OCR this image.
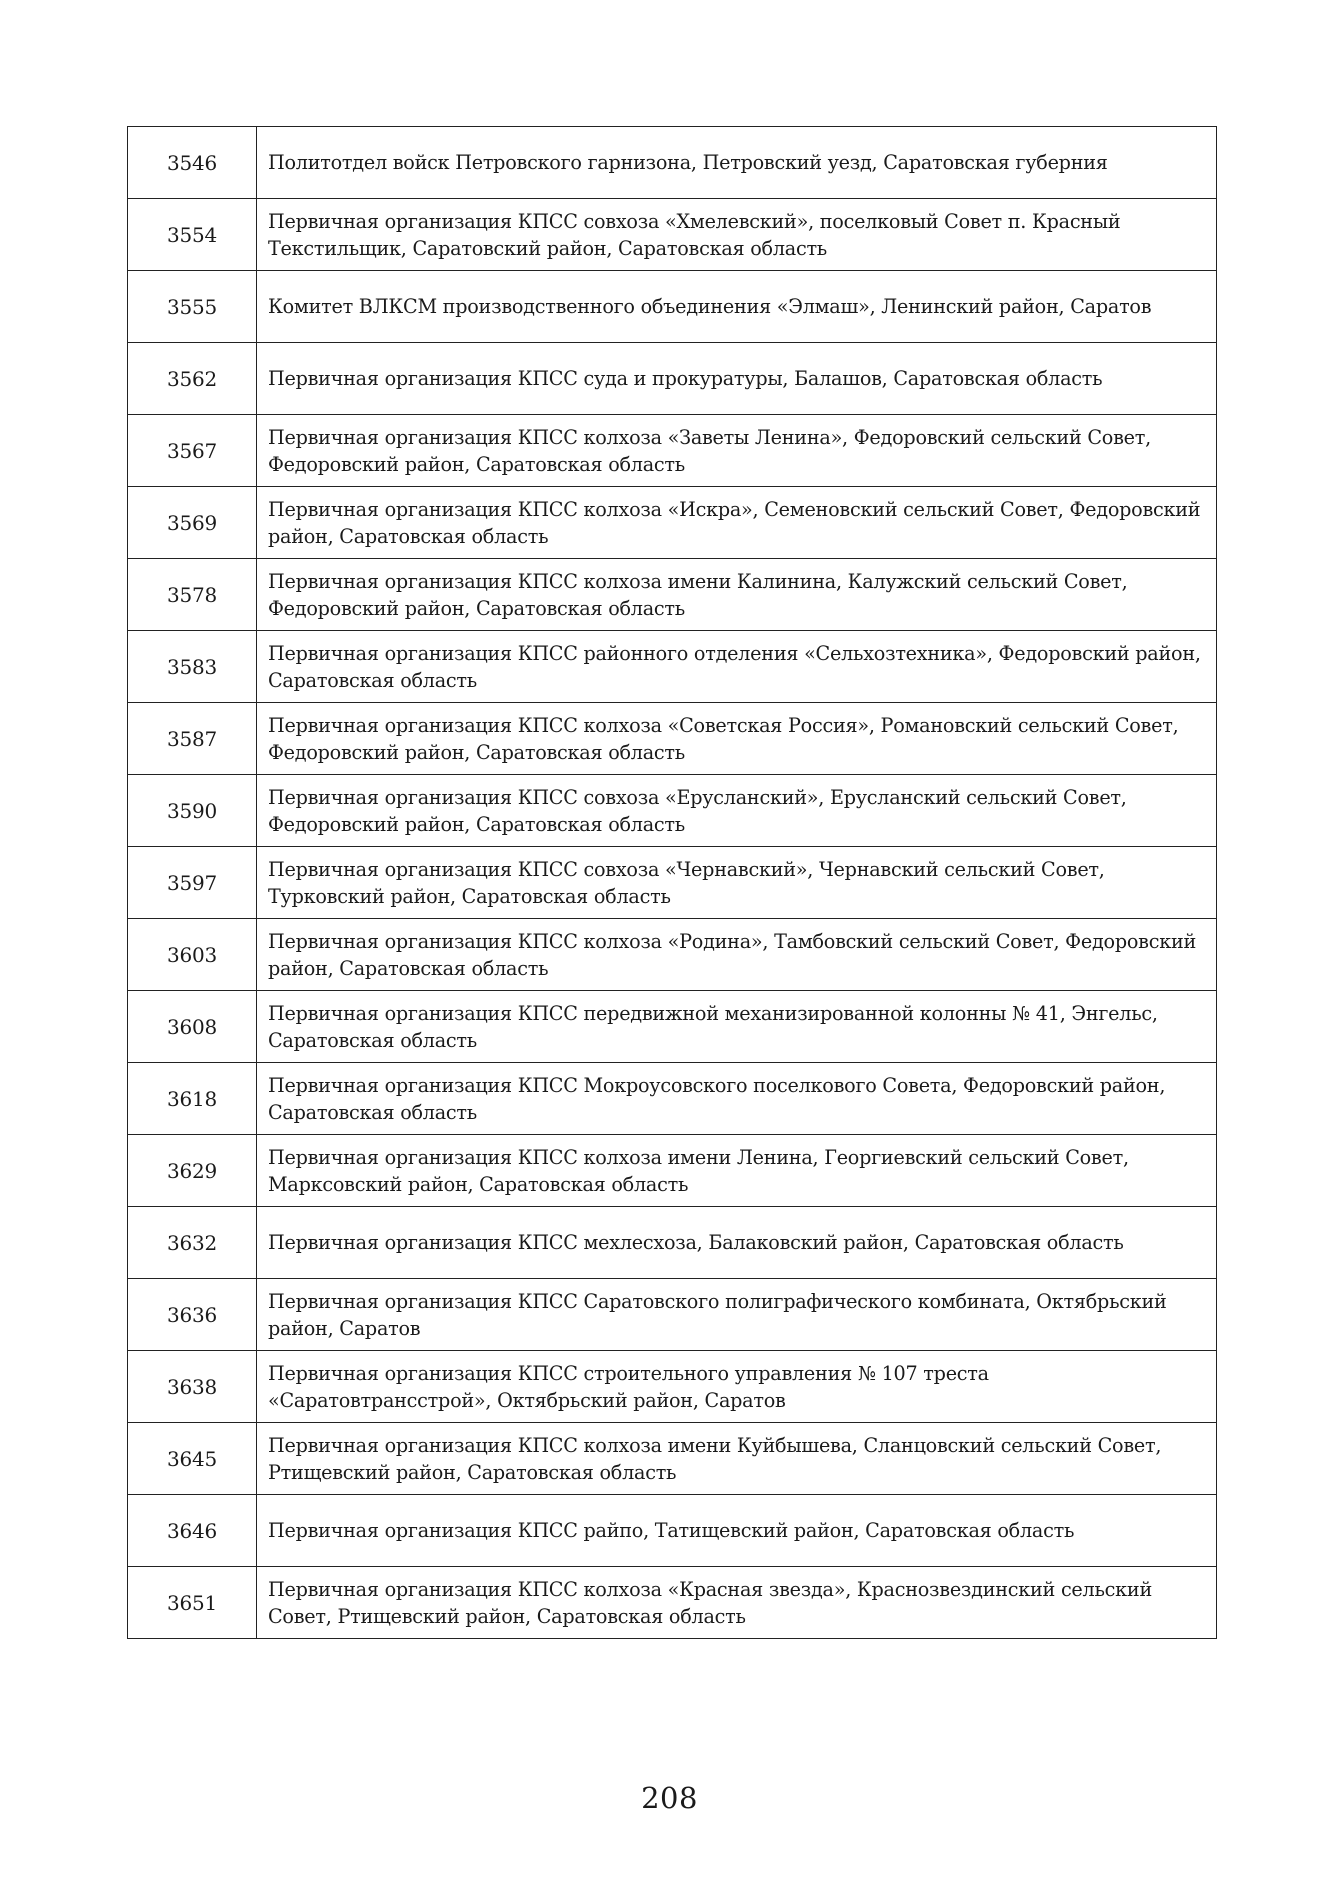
3546	Политотдел войск Петровского гарнизона, Петровский уезд, Саратовская губерния
3554	Первичная организация КПСС совхоза «Хмелевский», поселковый Совет п. Красный Текстильщик, Саратовский район, Саратовская область
3555	Комитет ВЛКСМ производственного объединения «Элмаш», Ленинский район, Саратов
3562	Первичная организация КПСС суда и прокуратуры, Балашов, Саратовская область
3567	Первичная организация КПСС колхоза «Заветы Ленина», Федоровский сельский Совет, Федоровский район, Саратовская область
3569	Первичная организация КПСС колхоза «Искра», Семеновский сельский Совет, Федоровский район, Саратовская область
3578	Первичная организация КПСС колхоза имени Калинина, Калужский сельский Совет, Федоровский район, Саратовская область
3583	Первичная организация КПСС районного отделения «Сельхозтехника», Федоровский район, Саратовская область
3587	Первичная организация КПСС колхоза «Советская Россия», Романовский сельский Совет, Федоровский район, Саратовская область
3590	Первичная организация КПСС совхоза «Ерусланский», Ерусланский сельский Совет, Федоровский район, Саратовская область
3597	Первичная организация КПСС совхоза «Чернавский», Чернавский сельский Совет, Турковский район, Саратовская область
3603	Первичная организация КПСС колхоза «Родина», Тамбовский сельский Совет, Федоровский район, Саратовская область
3608	Первичная организация КПСС передвижной механизированной колонны № 41, Энгельс, Саратовская область
3618	Первичная организация КПСС Мокроусовского поселкового Совета, Федоровский район, Саратовская область
3629	Первичная организация КПСС колхоза имени Ленина, Георгиевский сельский Совет, Марксовский район, Саратовская область
3632	Первичная организация КПСС мехлесхоза, Балаковский район, Саратовская область
3636	Первичная организация КПСС Саратовского полиграфического комбината, Октябрьский район, Саратов
3638	Первичная организация КПСС строительного управления № 107 треста «Саратовтрансстрой», Октябрьский район, Саратов
3645	Первичная организация КПСС колхоза имени Куйбышева, Сланцовский сельский Совет, Ртищевский район, Саратовская область
3646	Первичная организация КПСС райпо, Татищевский район, Саратовская область
3651	Первичная организация КПСС колхоза «Красная звезда», Краснозвездинский сельский Совет, Ртищевский район, Саратовская область
208
